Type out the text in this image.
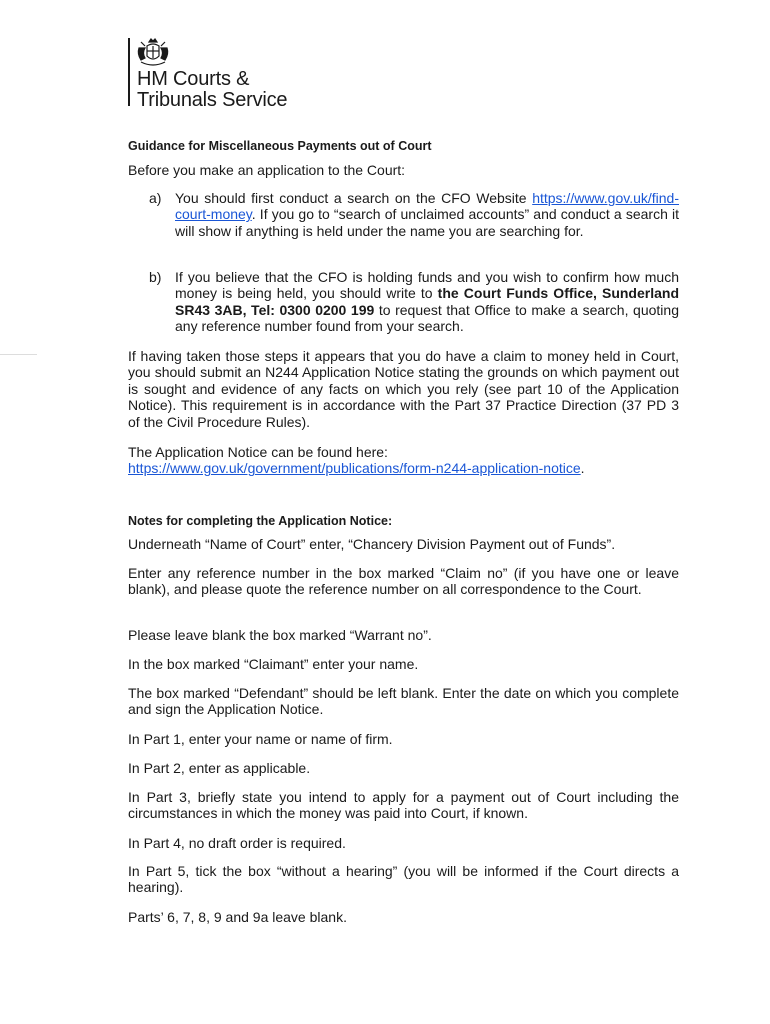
HM Courts &
Tribunals Service
Guidance for Miscellaneous Payments out of Court
Before you make an application to the Court:
a) You should first conduct a search on the CFO Website https://www.gov.uk/find-court-money. If you go to “search of unclaimed accounts” and conduct a search it will show if anything is held under the name you are searching for.
b) If you believe that the CFO is holding funds and you wish to confirm how much money is being held, you should write to the Court Funds Office, Sunderland SR43 3AB, Tel: 0300 0200 199 to request that Office to make a search, quoting any reference number found from your search.

If having taken those steps it appears that you do have a claim to money held in Court, you should submit an N244 Application Notice stating the grounds on which payment out is sought and evidence of any facts on which you rely (see part 10 of the Application Notice). This requirement is in accordance with the Part 37 Practice Direction (37 PD 3 of the Civil Procedure Rules).

The Application Notice can be found here:
https://www.gov.uk/government/publications/form-n244-application-notice.
Notes for completing the Application Notice:

Underneath “Name of Court” enter, “Chancery Division Payment out of Funds”.

Enter any reference number in the box marked “Claim no” (if you have one or leave blank), and please quote the reference number on all correspondence to the Court.

Please leave blank the box marked “Warrant no”.

In the box marked “Claimant” enter your name.

The box marked “Defendant” should be left blank. Enter the date on which you complete and sign the Application Notice.

In Part 1, enter your name or name of firm.

In Part 2, enter as applicable.

In Part 3, briefly state you intend to apply for a payment out of Court including the circumstances in which the money was paid into Court, if known.

In Part 4, no draft order is required.

In Part 5, tick the box “without a hearing” (you will be informed if the Court directs a hearing).

Parts’ 6, 7, 8, 9 and 9a leave blank.
